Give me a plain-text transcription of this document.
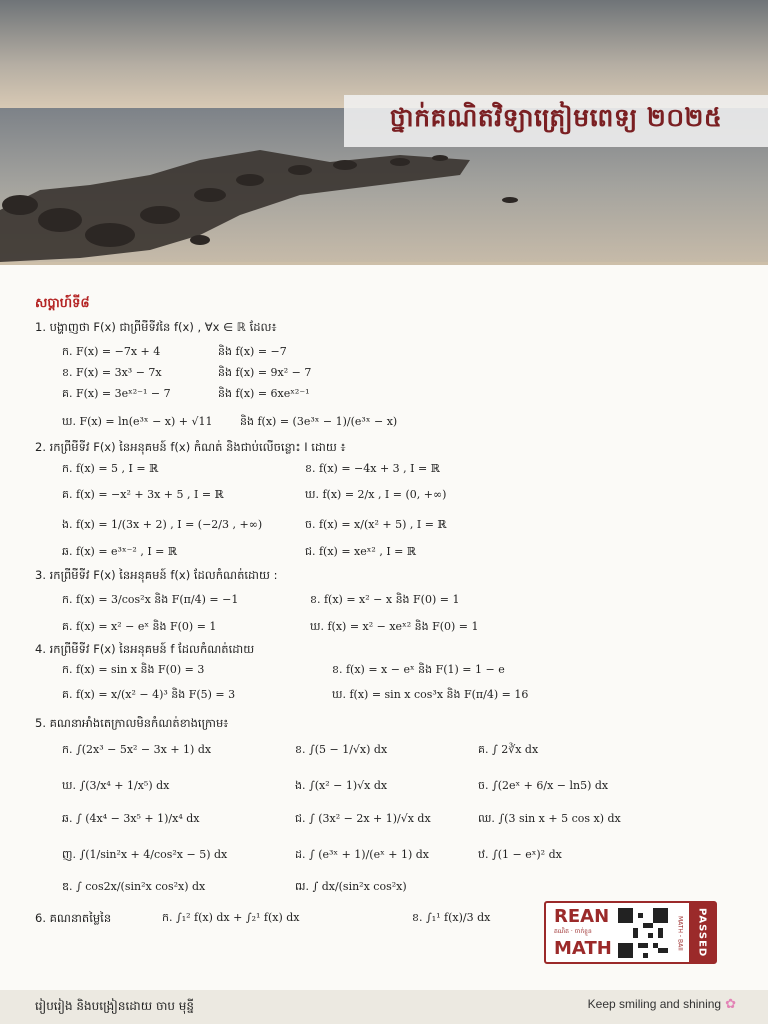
ថ្នាក់គណិតវិទ្យាត្រៀមពេទ្យ ២០២៥
សប្តាហ៍ទី៨
1. បង្ហាញថា F(x) ជាព្រីមីទីវនៃ f(x) , ∀x ∈ ℝ ដែល៖
ក. F(x) = −7x + 4	និង f(x) = −7
ខ. F(x) = 3x³ − 7x	និង f(x) = 9x² − 7
គ. F(x) = 3eˣ²⁻¹ − 7	និង f(x) = 6xeˣ²⁻¹
ឃ. F(x) = ln(e³ˣ − x) + √11	និង f(x) = (3e³ˣ − 1)/(e³ˣ − x)
2. រកព្រីមីទីវ F(x) នៃអនុគមន៍ f(x) កំណត់ និងជាប់លើចន្លោះ I ដោយ ៖
ក. f(x) = 5 , I = ℝ	ខ. f(x) = −4x + 3 , I = ℝ
គ. f(x) = −x² + 3x + 5 , I = ℝ	ឃ. f(x) = 2/x , I = (0, +∞)
ង. f(x) = 1/(3x + 2) , I = (−2/3 , +∞)	ច. f(x) = x/(x² + 5) , I = ℝ
ឆ. f(x) = e³ˣ⁻² , I = ℝ	ជ. f(x) = xeˣ² , I = ℝ
3. រកព្រីមីទីវ F(x) នៃអនុគមន៍ f(x) ដែលកំណត់ដោយ :
ក. f(x) = 3/cos²x និង F(π/4) = −1	ខ. f(x) = x² − x និង F(0) = 1
គ. f(x) = x² − eˣ និង F(0) = 1	ឃ. f(x) = x² − xeˣ² និង F(0) = 1
4. រកព្រីមីទីវ F(x) នៃអនុគមន៍ f ដែលកំណត់ដោយ
ក. f(x) = sin x និង F(0) = 3	ខ. f(x) = x − eˣ និង F(1) = 1 − e
គ. f(x) = x/(x² − 4)³ និង F(5) = 3	ឃ. f(x) = sin x cos³x និង F(π/4) = 16
5. គណនាអាំងតេក្រាលមិនកំណត់ខាងក្រោម៖
ក. ∫(2x³ − 5x² − 3x + 1) dx	ខ. ∫(5 − 1/√x) dx	គ. ∫ 2∛x dx
ឃ. ∫(3/x⁴ + 1/x⁵) dx	ង. ∫(x² − 1)√x dx	ច. ∫(2eˣ + 6/x − ln5) dx
ឆ. ∫ (4x⁴ − 3x⁵ + 1)/x⁴ dx	ជ. ∫ (3x² − 2x + 1)/√x dx	ឈ. ∫(3 sin x + 5 cos x) dx
ញ. ∫(1/sin²x + 4/cos²x − 5) dx	ដ. ∫ (e³ˣ + 1)/(eˣ + 1) dx	ឋ. ∫(1 − eˣ)² dx
ឌ. ∫ cos2x/(sin²x cos²x) dx	ឍ. ∫ dx/(sin²x cos²x)
6. គណនាតម្លៃនៃ	ក. ∫₁² f(x) dx + ∫₂¹ f(x) dx	ខ. ∫₁¹ f(x)/3 dx	REAN
MATH
គណិត · ចាក់ខ្លួន	MATH - BAII PASSED
រៀបរៀង និងបង្រៀនដោយ ចាប មុន្នី	Keep smiling and shining ✿
